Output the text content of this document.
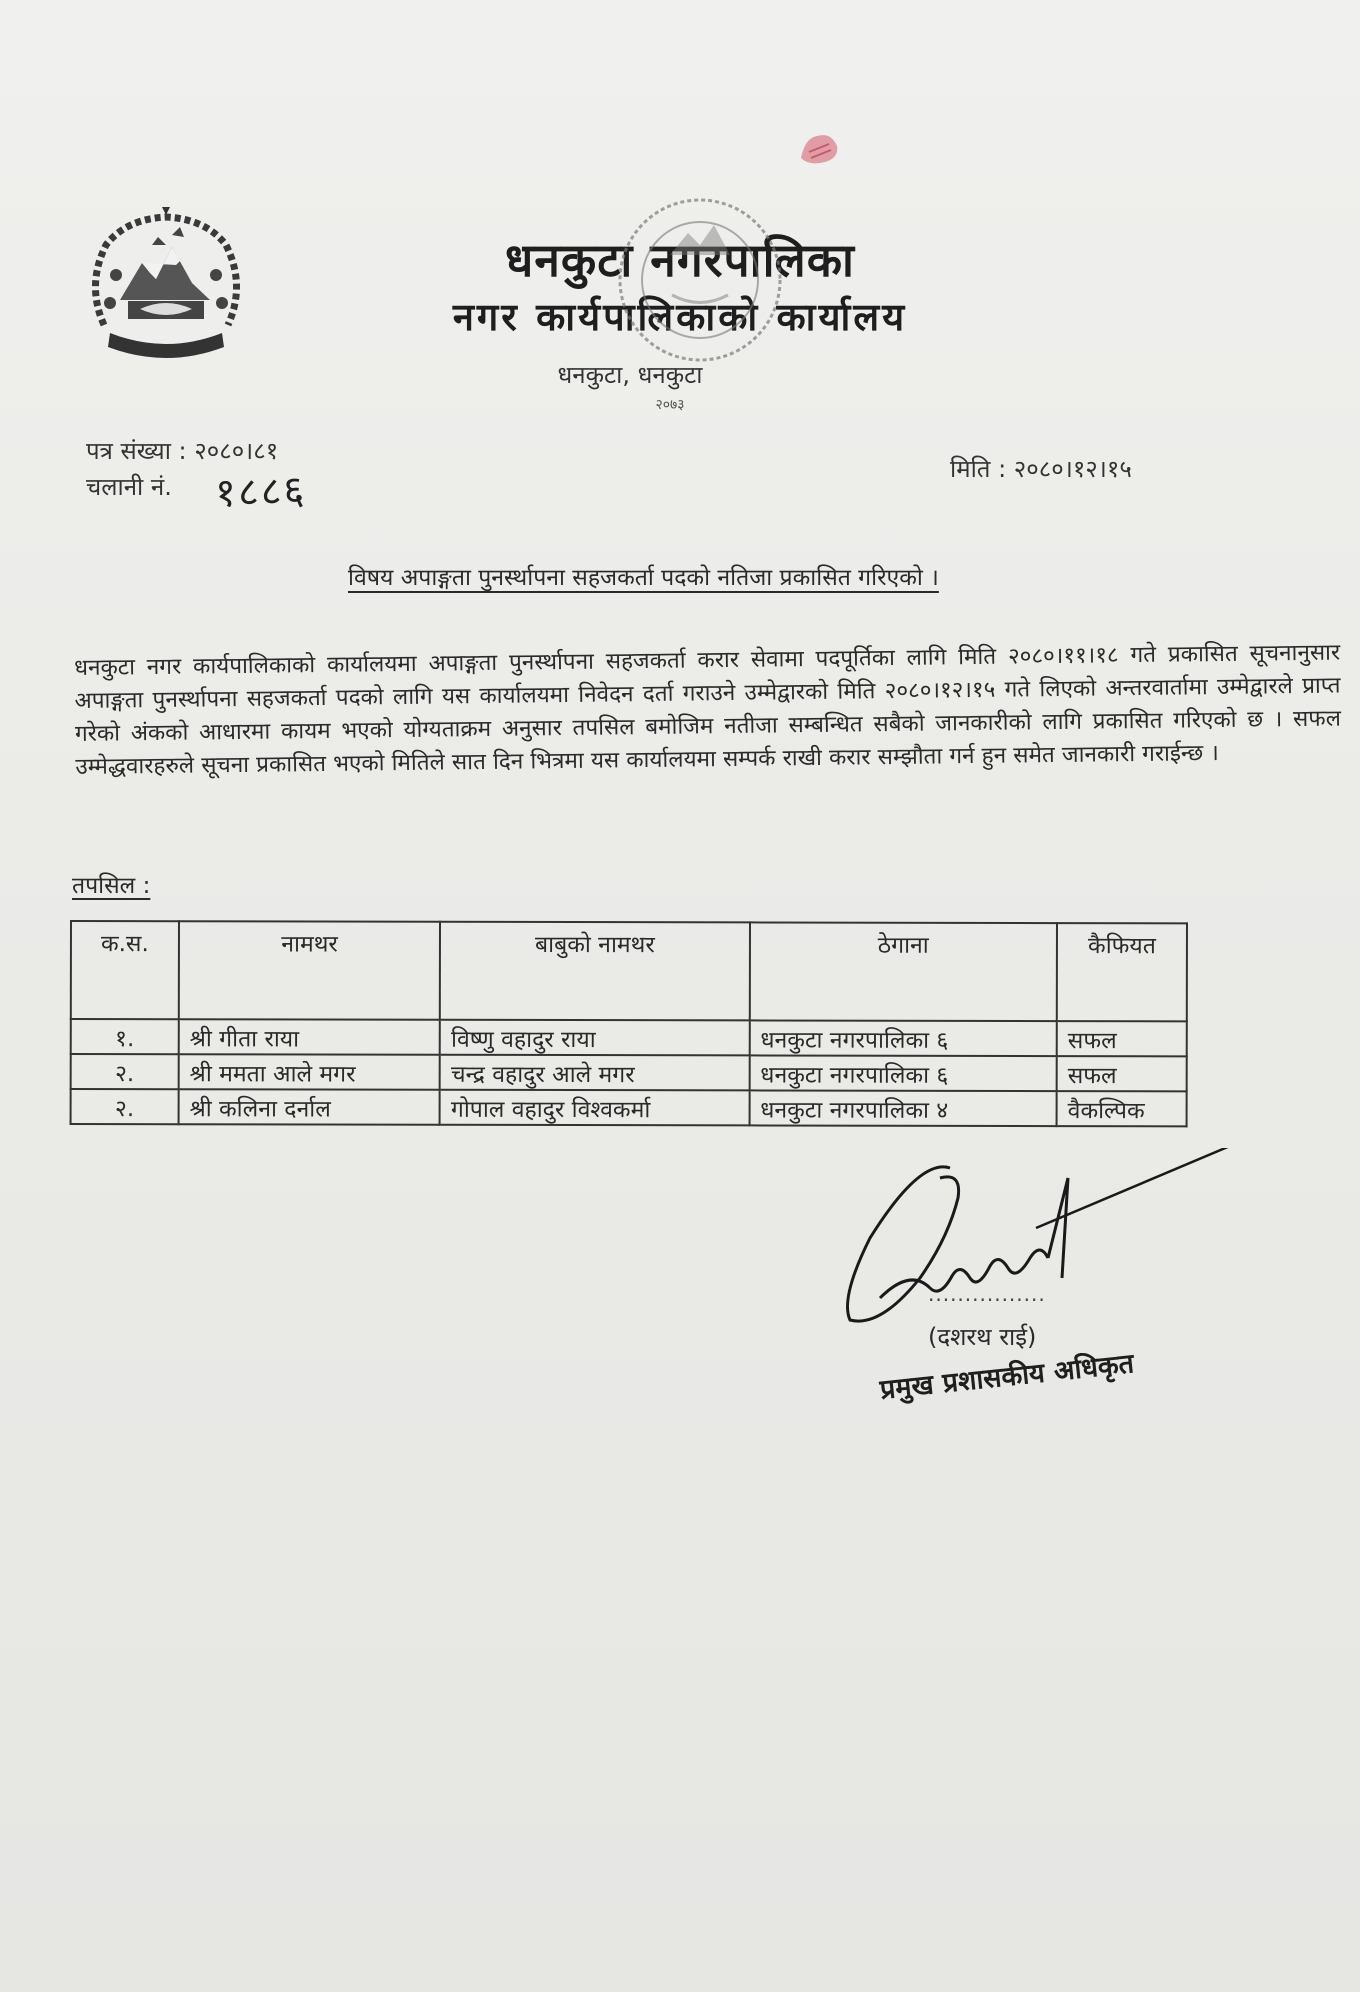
धनकुटा नगरपालिका
नगर कार्यपालिकाको कार्यालय
धनकुटा, धनकुटा
२०७३
पत्र संख्या : २०८०।८१
चलानी नं. १८८६	मिति : २०८०।१२।१५
विषय अपाङ्गता पुनर्स्थापना सहजकर्ता पदको नतिजा प्रकासित गरिएको ।
धनकुटा नगर कार्यपालिकाको कार्यालयमा अपाङ्गता पुनर्स्थापना सहजकर्ता करार सेवामा पदपूर्तिका लागि मिति २०८०।११।१८ गते प्रकासित सूचनानुसार अपाङ्गता पुनर्स्थापना सहजकर्ता पदको लागि यस कार्यालयमा निवेदन दर्ता गराउने उम्मेद्वारको मिति २०८०।१२।१५ गते लिएको अन्तरवार्तामा उम्मेद्वारले प्राप्त गरेको अंकको आधारमा कायम भएको योग्यताक्रम अनुसार तपसिल बमोजिम नतीजा सम्बन्धित सबैको जानकारीको लागि प्रकासित गरिएको छ । सफल उम्मेद्धवारहरुले सूचना प्रकासित भएको मितिले सात दिन भित्रमा यस कार्यालयमा सम्पर्क राखी करार सम्झौता गर्न हुन समेत जानकारी गराईन्छ ।
तपसिल :
क.स.	नामथर	बाबुको नामथर	ठेगाना	कैफियत
१.	श्री गीता राया	विष्णु वहादुर राया	धनकुटा नगरपालिका ६	सफल
२.	श्री ममता आले मगर	चन्द्र वहादुर आले मगर	धनकुटा नगरपालिका ६	सफल
२.	श्री कलिना दर्नाल	गोपाल वहादुर विश्वकर्मा	धनकुटा नगरपालिका ४	वैकल्पिक
................
(दशरथ राई)
प्रमुख प्रशासकीय अधिकृत
